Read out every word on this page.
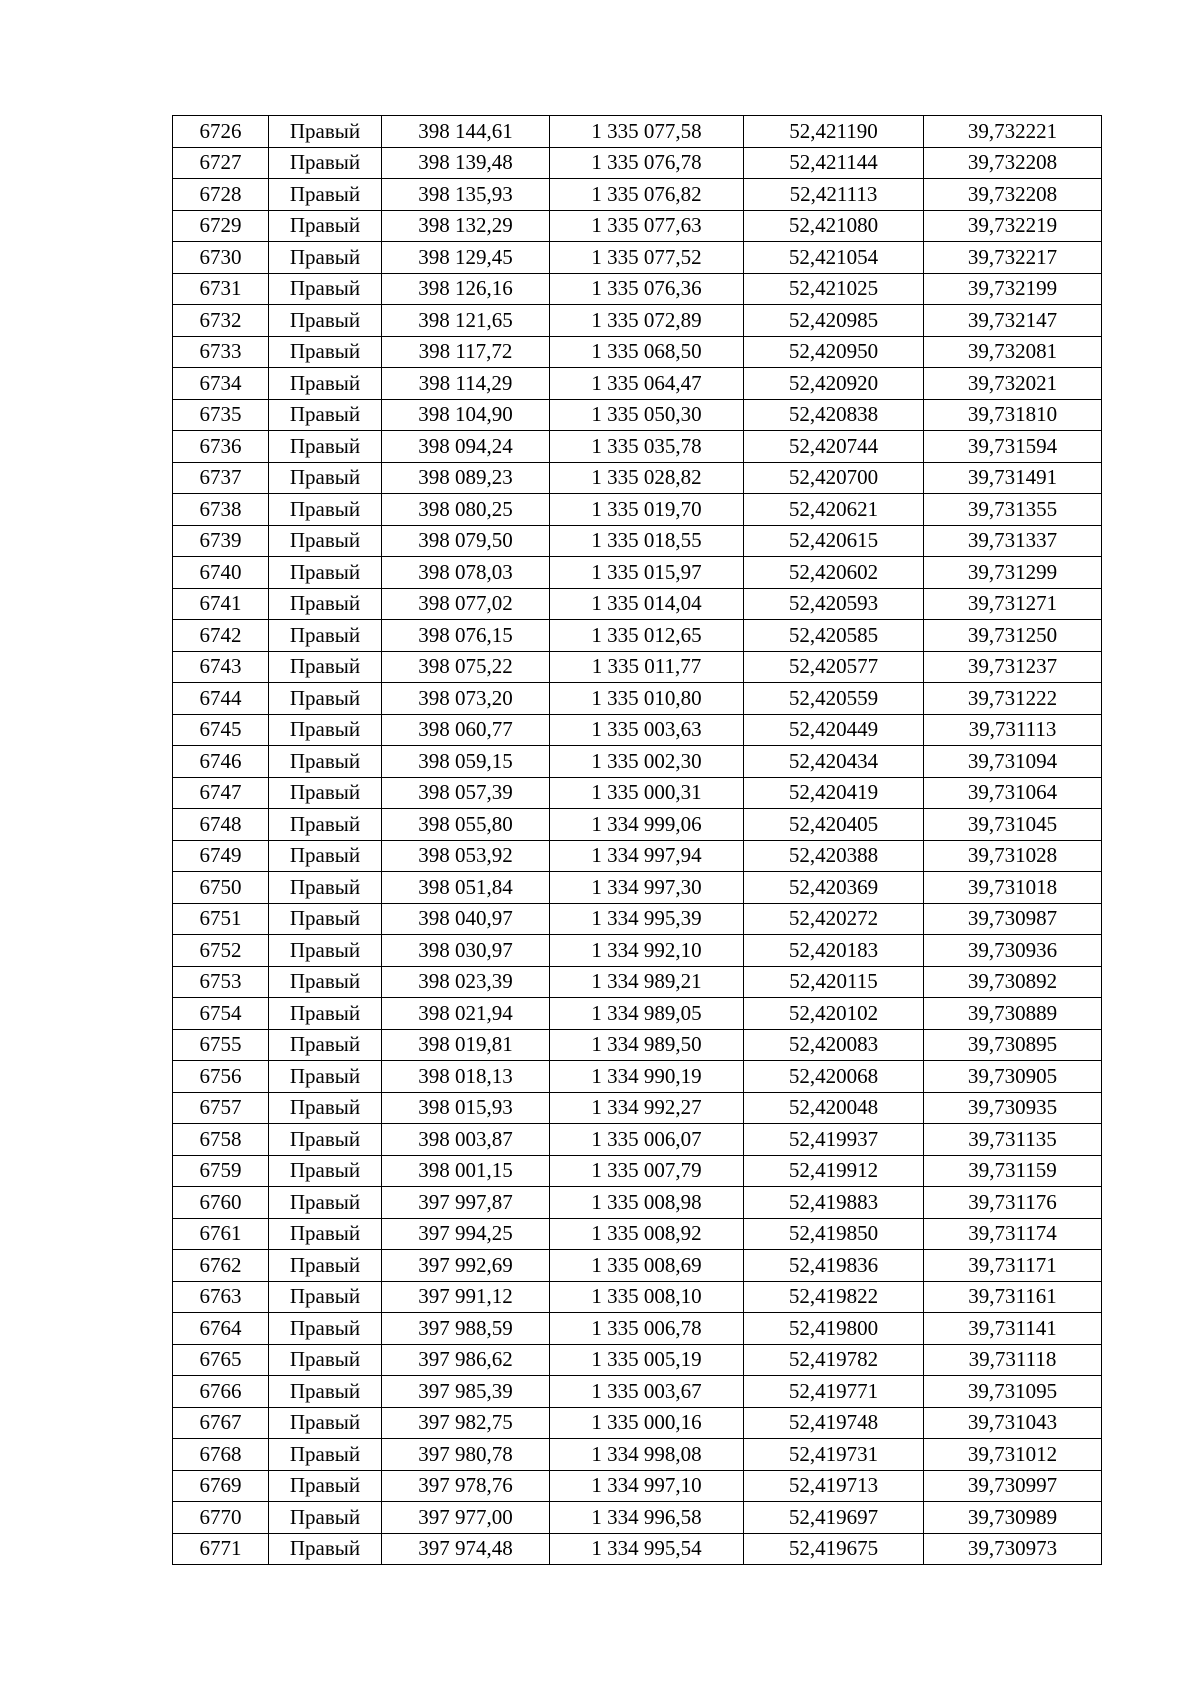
6726	Правый	398 144,61	1 335 077,58	52,421190	39,732221
6727	Правый	398 139,48	1 335 076,78	52,421144	39,732208
6728	Правый	398 135,93	1 335 076,82	52,421113	39,732208
6729	Правый	398 132,29	1 335 077,63	52,421080	39,732219
6730	Правый	398 129,45	1 335 077,52	52,421054	39,732217
6731	Правый	398 126,16	1 335 076,36	52,421025	39,732199
6732	Правый	398 121,65	1 335 072,89	52,420985	39,732147
6733	Правый	398 117,72	1 335 068,50	52,420950	39,732081
6734	Правый	398 114,29	1 335 064,47	52,420920	39,732021
6735	Правый	398 104,90	1 335 050,30	52,420838	39,731810
6736	Правый	398 094,24	1 335 035,78	52,420744	39,731594
6737	Правый	398 089,23	1 335 028,82	52,420700	39,731491
6738	Правый	398 080,25	1 335 019,70	52,420621	39,731355
6739	Правый	398 079,50	1 335 018,55	52,420615	39,731337
6740	Правый	398 078,03	1 335 015,97	52,420602	39,731299
6741	Правый	398 077,02	1 335 014,04	52,420593	39,731271
6742	Правый	398 076,15	1 335 012,65	52,420585	39,731250
6743	Правый	398 075,22	1 335 011,77	52,420577	39,731237
6744	Правый	398 073,20	1 335 010,80	52,420559	39,731222
6745	Правый	398 060,77	1 335 003,63	52,420449	39,731113
6746	Правый	398 059,15	1 335 002,30	52,420434	39,731094
6747	Правый	398 057,39	1 335 000,31	52,420419	39,731064
6748	Правый	398 055,80	1 334 999,06	52,420405	39,731045
6749	Правый	398 053,92	1 334 997,94	52,420388	39,731028
6750	Правый	398 051,84	1 334 997,30	52,420369	39,731018
6751	Правый	398 040,97	1 334 995,39	52,420272	39,730987
6752	Правый	398 030,97	1 334 992,10	52,420183	39,730936
6753	Правый	398 023,39	1 334 989,21	52,420115	39,730892
6754	Правый	398 021,94	1 334 989,05	52,420102	39,730889
6755	Правый	398 019,81	1 334 989,50	52,420083	39,730895
6756	Правый	398 018,13	1 334 990,19	52,420068	39,730905
6757	Правый	398 015,93	1 334 992,27	52,420048	39,730935
6758	Правый	398 003,87	1 335 006,07	52,419937	39,731135
6759	Правый	398 001,15	1 335 007,79	52,419912	39,731159
6760	Правый	397 997,87	1 335 008,98	52,419883	39,731176
6761	Правый	397 994,25	1 335 008,92	52,419850	39,731174
6762	Правый	397 992,69	1 335 008,69	52,419836	39,731171
6763	Правый	397 991,12	1 335 008,10	52,419822	39,731161
6764	Правый	397 988,59	1 335 006,78	52,419800	39,731141
6765	Правый	397 986,62	1 335 005,19	52,419782	39,731118
6766	Правый	397 985,39	1 335 003,67	52,419771	39,731095
6767	Правый	397 982,75	1 335 000,16	52,419748	39,731043
6768	Правый	397 980,78	1 334 998,08	52,419731	39,731012
6769	Правый	397 978,76	1 334 997,10	52,419713	39,730997
6770	Правый	397 977,00	1 334 996,58	52,419697	39,730989
6771	Правый	397 974,48	1 334 995,54	52,419675	39,730973
